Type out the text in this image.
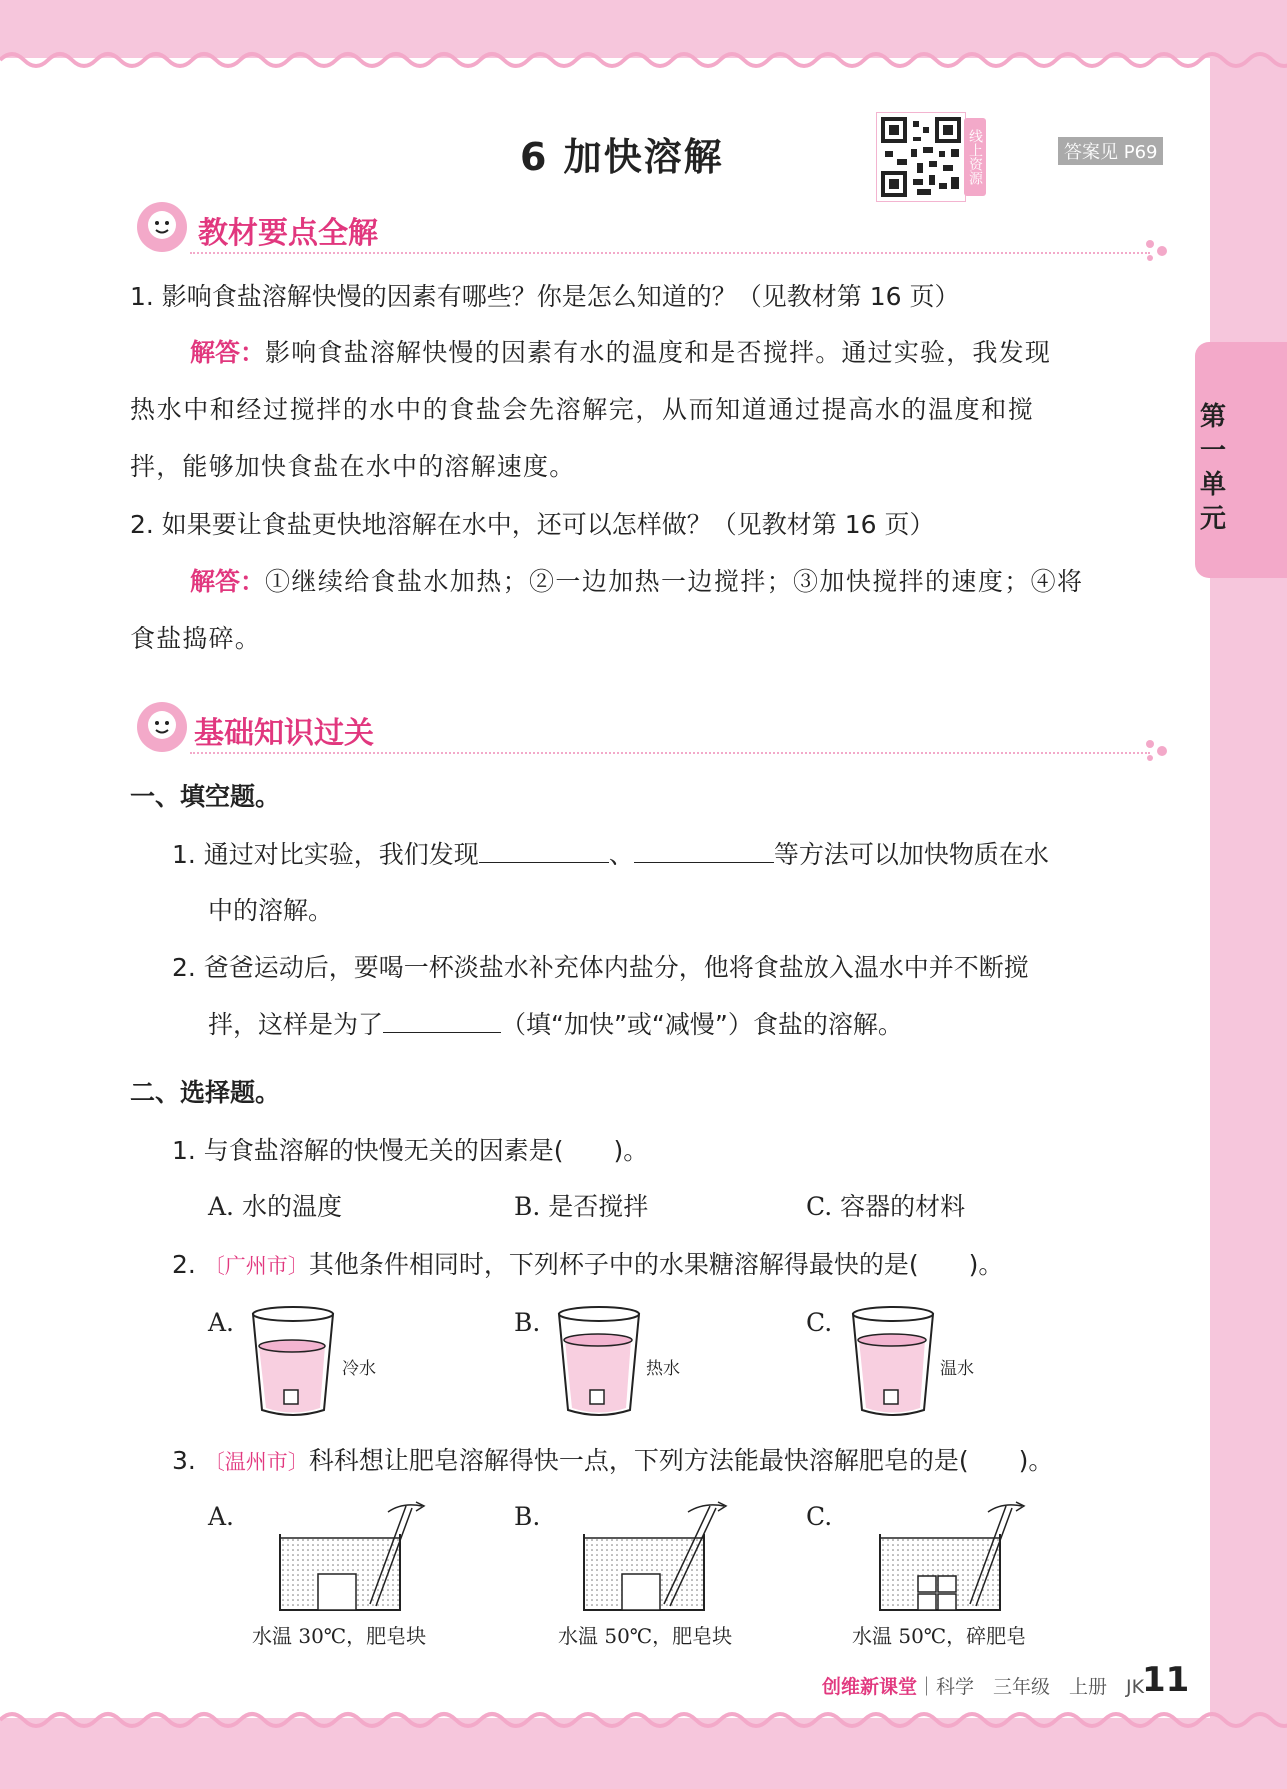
6 加快溶解	线上资源	答案见 P69
第一单元
教材要点全解
1. 影响食盐溶解快慢的因素有哪些？你是怎么知道的？（见教材第 16 页）
解答：影响食盐溶解快慢的因素有水的温度和是否搅拌。通过实验，我发现
热水中和经过搅拌的水中的食盐会先溶解完，从而知道通过提高水的温度和搅
拌，能够加快食盐在水中的溶解速度。
2. 如果要让食盐更快地溶解在水中，还可以怎样做？（见教材第 16 页）
解答：①继续给食盐水加热；②一边加热一边搅拌；③加快搅拌的速度；④将
食盐捣碎。
基础知识过关
一、填空题。
1. 通过对比实验，我们发现	、	等方法可以加快物质在水
中的溶解。
2. 爸爸运动后，要喝一杯淡盐水补充体内盐分，他将食盐放入温水中并不断搅
拌，这样是为了	（填“加快”或“减慢”）食盐的溶解。
二、选择题。
1. 与食盐溶解的快慢无关的因素是(　　)。
A. 水的温度	B. 是否搅拌	C. 容器的材料
2. 〔广州市〕其他条件相同时，下列杯子中的水果糖溶解得最快的是(　　)。
A.	B.	C.
冷水	热水	温水
3. 〔温州市〕科科想让肥皂溶解得快一点，下列方法能最快溶解肥皂的是(　　)。
A.	B.	C.
水温 30℃，肥皂块	水温 50℃，肥皂块	水温 50℃，碎肥皂
创维新课堂｜科学　三年级　上册　JK
11
